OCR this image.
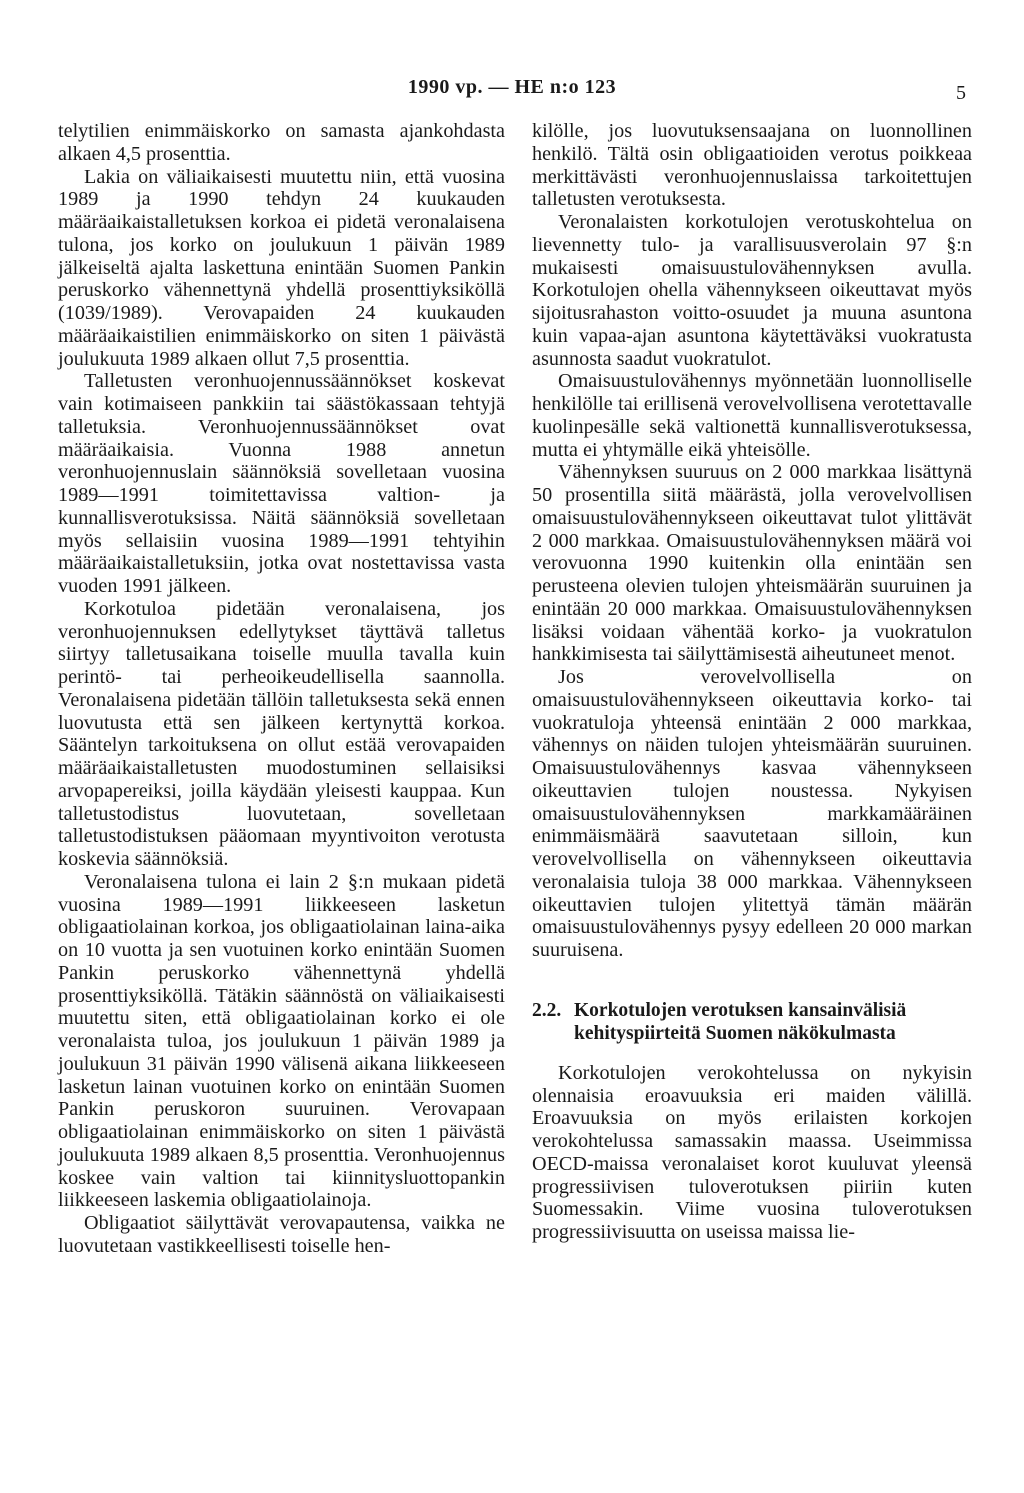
1990 vp. — HE n:o 123	5

telytilien enimmäiskorko on samasta ajankohdasta alkaen 4,5 prosenttia.

Lakia on väliaikaisesti muutettu niin, että vuosina 1989 ja 1990 tehdyn 24 kuukauden määräaikaistalletuksen korkoa ei pidetä veronalaisena tulona, jos korko on joulukuun 1 päivän 1989 jälkeiseltä ajalta laskettuna enintään Suomen Pankin peruskorko vähennettynä yhdellä prosenttiyksiköllä (1039/1989). Verovapaiden 24 kuukauden määräaikaistilien enimmäiskorko on siten 1 päivästä joulukuuta 1989 alkaen ollut 7,5 prosenttia.

Talletusten veronhuojennussäännökset koskevat vain kotimaiseen pankkiin tai säästökassaan tehtyjä talletuksia. Veronhuojennussäännökset ovat määräaikaisia. Vuonna 1988 annetun veronhuojennuslain säännöksiä sovelletaan vuosina 1989—1991 toimitettavissa valtion- ja kunnallisverotuksissa. Näitä säännöksiä sovelletaan myös sellaisiin vuosina 1989—1991 tehtyihin määräaikaistalletuksiin, jotka ovat nostettavissa vasta vuoden 1991 jälkeen.

Korkotuloa pidetään veronalaisena, jos veronhuojennuksen edellytykset täyttävä talletus siirtyy talletusaikana toiselle muulla tavalla kuin perintö- tai perheoikeudellisella saannolla. Veronalaisena pidetään tällöin talletuksesta sekä ennen luovutusta että sen jälkeen kertynyttä korkoa. Sääntelyn tarkoituksena on ollut estää verovapaiden määräaikaistalletusten muodostuminen sellaisiksi arvopapereiksi, joilla käydään yleisesti kauppaa. Kun talletustodistus luovutetaan, sovelletaan talletustodistuksen pääomaan myyntivoiton verotusta koskevia säännöksiä.

Veronalaisena tulona ei lain 2 §:n mukaan pidetä vuosina 1989—1991 liikkeeseen lasketun obligaatiolainan korkoa, jos obligaatiolainan laina-aika on 10 vuotta ja sen vuotuinen korko enintään Suomen Pankin peruskorko vähennettynä yhdellä prosenttiyksiköllä. Tätäkin säännöstä on väliaikaisesti muutettu siten, että obligaatiolainan korko ei ole veronalaista tuloa, jos joulukuun 1 päivän 1989 ja joulukuun 31 päivän 1990 välisenä aikana liikkeeseen lasketun lainan vuotuinen korko on enintään Suomen Pankin peruskoron suuruinen. Verovapaan obligaatiolainan enimmäiskorko on siten 1 päivästä joulukuuta 1989 alkaen 8,5 prosenttia. Veronhuojennus koskee vain valtion tai kiinnitysluottopankin liikkeeseen laskemia obligaatiolainoja.

Obligaatiot säilyttävät verovapautensa, vaikka ne luovutetaan vastikkeellisesti toiselle hen-

kilölle, jos luovutuksensaajana on luonnollinen henkilö. Tältä osin obligaatioiden verotus poikkeaa merkittävästi veronhuojennuslaissa tarkoitettujen talletusten verotuksesta.

Veronalaisten korkotulojen verotuskohtelua on lievennetty tulo- ja varallisuusverolain 97 §:n mukaisesti omaisuustulovähennyksen avulla. Korkotulojen ohella vähennykseen oikeuttavat myös sijoitusrahaston voitto-osuudet ja muuna asuntona kuin vapaa-ajan asuntona käytettäväksi vuokratusta asunnosta saadut vuokratulot.

Omaisuustulovähennys myönnetään luonnolliselle henkilölle tai erillisenä verovelvollisena verotettavalle kuolinpesälle sekä valtionettä kunnallisverotuksessa, mutta ei yhtymälle eikä yhteisölle.

Vähennyksen suuruus on 2 000 markkaa lisättynä 50 prosentilla siitä määrästä, jolla verovelvollisen omaisuustulovähennykseen oikeuttavat tulot ylittävät 2 000 markkaa. Omaisuustulovähennyksen määrä voi verovuonna 1990 kuitenkin olla enintään sen perusteena olevien tulojen yhteismäärän suuruinen ja enintään 20 000 markkaa. Omaisuustulovähennyksen lisäksi voidaan vähentää korko- ja vuokratulon hankkimisesta tai säilyttämisestä aiheutuneet menot.

Jos verovelvollisella on omaisuustulovähennykseen oikeuttavia korko- tai vuokratuloja yhteensä enintään 2 000 markkaa, vähennys on näiden tulojen yhteismäärän suuruinen. Omaisuustulovähennys kasvaa vähennykseen oikeuttavien tulojen noustessa. Nykyisen omaisuustulovähennyksen markkamääräinen enimmäismäärä saavutetaan silloin, kun verovelvollisella on vähennykseen oikeuttavia veronalaisia tuloja 38 000 markkaa. Vähennykseen oikeuttavien tulojen ylitettyä tämän määrän omaisuustulovähennys pysyy edelleen 20 000 markan suuruisena.

2.2. Korkotulojen verotuksen kansainvälisiä kehityspiirteitä Suomen näkökulmasta

Korkotulojen verokohtelussa on nykyisin olennaisia eroavuuksia eri maiden välillä. Eroavuuksia on myös erilaisten korkojen verokohtelussa samassakin maassa. Useimmissa OECD-maissa veronalaiset korot kuuluvat yleensä progressiivisen tuloverotuksen piiriin kuten Suomessakin. Viime vuosina tuloverotuksen progressiivisuutta on useissa maissa lie-
